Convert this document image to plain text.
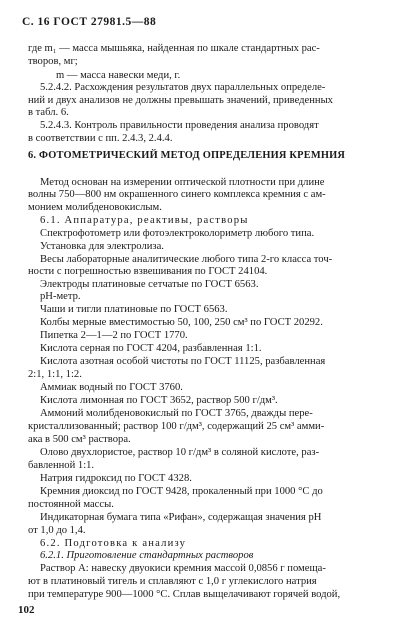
С. 16 ГОСТ 27981.5—88
где m₁ — масса мышьяка, найденная по шкале стандартных рас-
творов, мг;
m — масса навески меди, г.
5.2.4.2. Расхождения результатов двух параллельных определе-
ний и двух анализов не должны превышать значений, приведенных
в табл. 6.
5.2.4.3. Контроль правильности проведения анализа проводят
в соответствии с пп. 2.4.3, 2.4.4.
6. ФОТОМЕТРИЧЕСКИЙ МЕТОД ОПРЕДЕЛЕНИЯ КРЕМНИЯ
Метод основан на измерении оптической плотности при длине
волны 750—800 нм окрашенного синего комплекса кремния с ам-
монием молибденовокислым.
6.1. Аппаратура, реактивы, растворы
Спектрофотометр или фотоэлектроколориметр любого типа.
Установка для электролиза.
Весы лабораторные аналитические любого типа 2-го класса точ-
ности с погрешностью взвешивания по ГОСТ 24104.
Электроды платиновые сетчатые по ГОСТ 6563.
pH-метр.
Чаши и тигли платиновые по ГОСТ 6563.
Колбы мерные вместимостью 50, 100, 250 см³ по ГОСТ 20292.
Пипетка 2—1—2 по ГОСТ 1770.
Кислота серная по ГОСТ 4204, разбавленная 1:1.
Кислота азотная особой чистоты по ГОСТ 11125, разбавленная
2:1, 1:1, 1:2.
Аммиак водный по ГОСТ 3760.
Кислота лимонная по ГОСТ 3652, раствор 500 г/дм³.
Аммоний молибденовокислый по ГОСТ 3765, дважды пере-
кристаллизованный; раствор 100 г/дм³, содержащий 25 см³ амми-
ака в 500 см³ раствора.
Олово двухлористое, раствор 10 г/дм³ в соляной кислоте, раз-
бавленной 1:1.
Натрия гидроксид по ГОСТ 4328.
Кремния диоксид по ГОСТ 9428, прокаленный при 1000 °С до
постоянной массы.
Индикаторная бумага типа «Рифан», содержащая значения pH
от 1,0 до 1,4.
6.2. Подготовка к анализу
6.2.1. Приготовление стандартных растворов
Раствор А: навеску двуокиси кремния массой 0,0856 г помеща-
ют в платиновый тигель и сплавляют с 1,0 г углекислого натрия
при температуре 900—1000 °С. Сплав выщелачивают горячей водой,
102
